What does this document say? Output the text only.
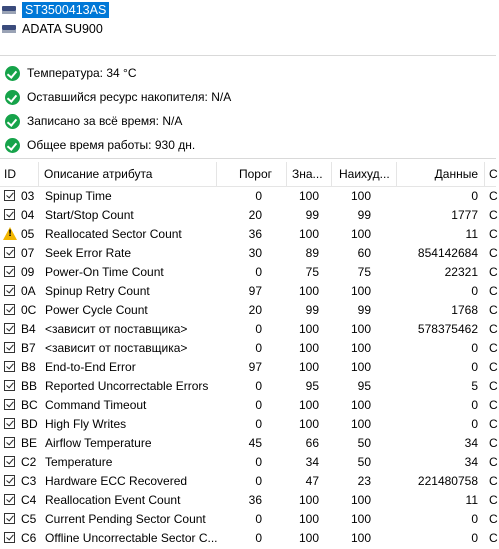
ST3500413AS
ADATA SU900
Температура: 34 °C
Оставшийся ресурс накопителя: N/A
Записано за всё время: N/A
Общее время работы: 930 дн.
ID	Описание атрибута	Порог	Зна...	Наихуд...	Данные С
03 Spinup Time	0	100	100	0 C
04 Start/Stop Count	20	99	99	1777 C
!
05 Reallocated Sector Count	36	100	100	11 C
07 Seek Error Rate	30	89	60	854142684 C
09 Power-On Time Count	0	75	75	22321 C
0A Spinup Retry Count	97	100	100	0 C
0C Power Cycle Count	20	99	99	1768 C
B4 <зависит от поставщика>	0	100	100	578375462 C
B7 <зависит от поставщика>	0	100	100	0 C
B8 End-to-End Error	97	100	100	0 C
BB Reported Uncorrectable Errors	0	95	95	5 C
BC Command Timeout	0	100	100	0 C
BD High Fly Writes	0	100	100	0 C
BE Airflow Temperature	45	66	50	34 C
C2 Temperature	0	34	50	34 C
C3 Hardware ECC Recovered	0	47	23	221480758 C
C4 Reallocation Event Count	36	100	100	11 C
C5 Current Pending Sector Count	0	100	100	0 C
C6 Offline Uncorrectable Sector C...	0	100	100	0 C
